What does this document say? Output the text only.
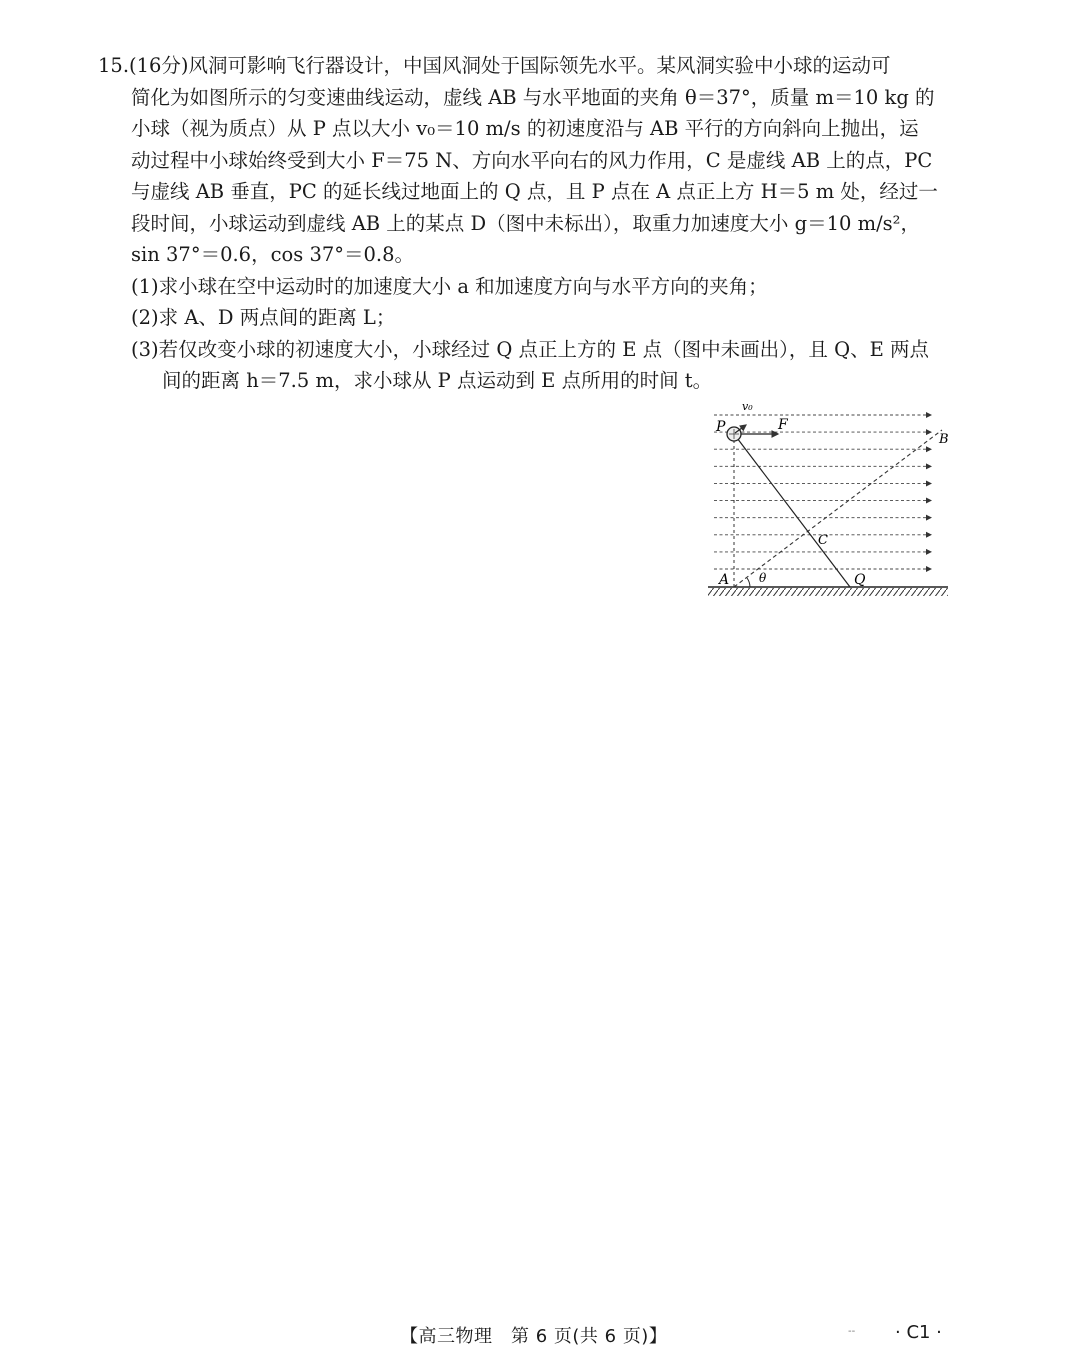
15.(16分)风洞可影响飞行器设计，中国风洞处于国际领先水平。某风洞实验中小球的运动可
简化为如图所示的匀变速曲线运动，虚线 AB 与水平地面的夹角 θ＝37°，质量 m＝10 kg 的
小球（视为质点）从 P 点以大小 v₀＝10 m/s 的初速度沿与 AB 平行的方向斜向上抛出，运
动过程中小球始终受到大小 F＝75 N、方向水平向右的风力作用，C 是虚线 AB 上的点，PC
与虚线 AB 垂直，PC 的延长线过地面上的 Q 点，且 P 点在 A 点正上方 H＝5 m 处，经过一
段时间，小球运动到虚线 AB 上的某点 D（图中未标出），取重力加速度大小 g＝10 m/s²，
sin 37°＝0.6，cos 37°＝0.8。

(1)求小球在空中运动时的加速度大小 a 和加速度方向与水平方向的夹角；

(2)求 A、D 两点间的距离 L；

(3)若仅改变小球的初速度大小，小球经过 Q 点正上方的 E 点（图中未画出），且 Q、E 两点

间的距离 h＝7.5 m，求小球从 P 点运动到 E 点所用的时间 t。

v₀
P	F
B
C
A θ	Q
【高三物理　第 6 页(共 6 页)】	-- · C1 ·
